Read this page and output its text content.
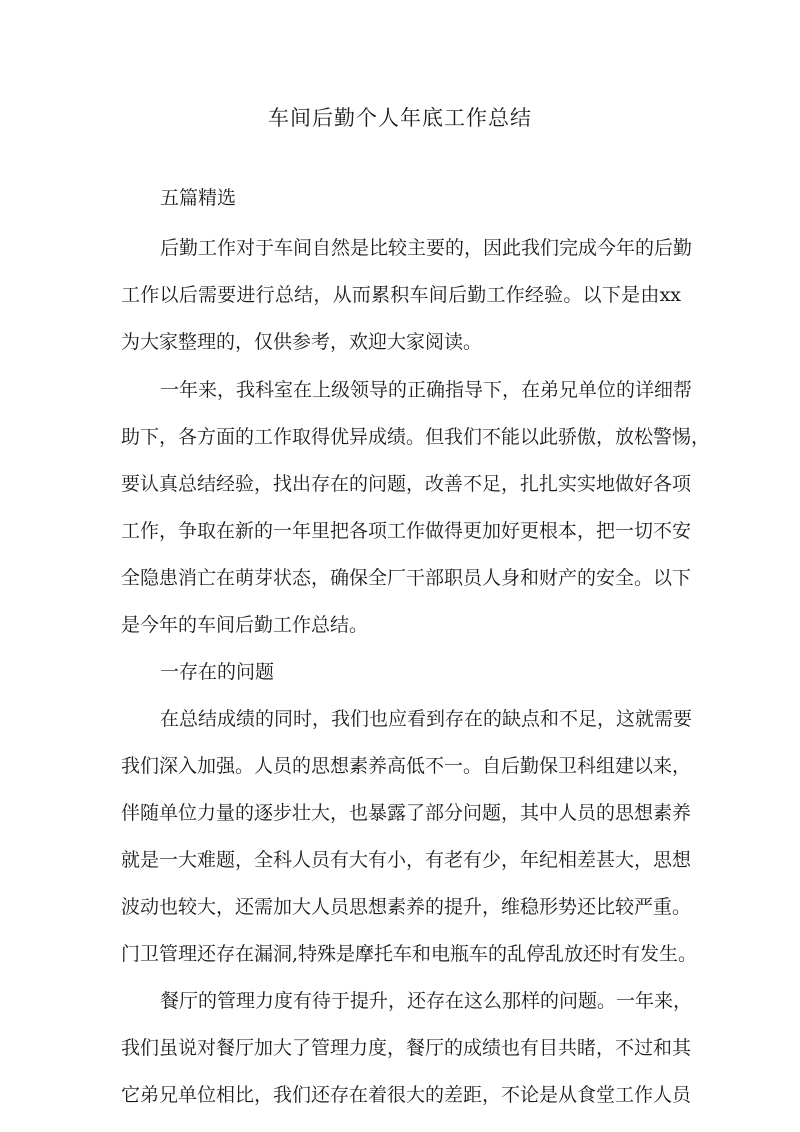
车间后勤个人年底工作总结

五篇精选

后勤工作对于车间自然是比较主要的，因此我们完成今年的后勤

工作以后需要进行总结，从而累积车间后勤工作经验。以下是由xx

为大家整理的，仅供参考，欢迎大家阅读。

一年来，我科室在上级领导的正确指导下，在弟兄单位的详细帮

助下，各方面的工作取得优异成绩。但我们不能以此骄傲，放松警惕，

要认真总结经验，找出存在的问题，改善不足，扎扎实实地做好各项

工作，争取在新的一年里把各项工作做得更加好更根本，把一切不安

全隐患消亡在萌芽状态，确保全厂干部职员人身和财产的安全。以下

是今年的车间后勤工作总结。

一存在的问题

在总结成绩的同时，我们也应看到存在的缺点和不足，这就需要

我们深入加强。人员的思想素养高低不一。自后勤保卫科组建以来，

伴随单位力量的逐步壮大，也暴露了部分问题，其中人员的思想素养

就是一大难题，全科人员有大有小，有老有少，年纪相差甚大，思想

波动也较大，还需加大人员思想素养的提升，维稳形势还比较严重。

门卫管理还存在漏洞,特殊是摩托车和电瓶车的乱停乱放还时有发生。

餐厅的管理力度有待于提升，还存在这么那样的问题。一年来，

我们虽说对餐厅加大了管理力度，餐厅的成绩也有目共睹，不过和其

它弟兄单位相比，我们还存在着很大的差距，不论是从食堂工作人员
